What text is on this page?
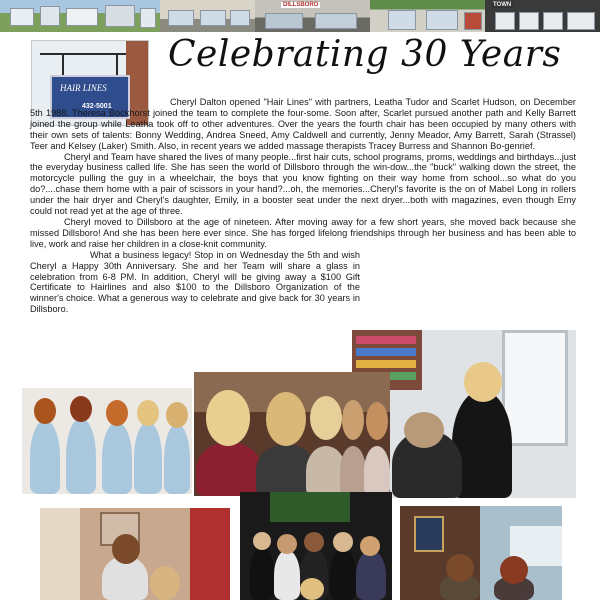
DILLSBORO	TOWN
HAIR LINES
432-5001
Celebrating 30 Years

Cheryl Dalton opened "Hair Lines" with partners, Leatha Tudor and Scarlet Hudson, on December 5th 1988. Theresa Bockhorst joined the team to complete the four-some. Soon after, Scarlet pursued another path and Kelly Barrett joined the group while Leatha took off to other adventures. Over the years the fourth chair has been occupied by many others with their own sets of talents: Bonny Wedding, Andrea Sneed, Amy Caldwell and currently, Jenny Meador, Amy Barrett, Sarah (Strassel) Teer and Kelsey (Laker) Smith. Also, in recent years we added massage therapists Tracey Burress and Shannon Bo-genrief.

Cheryl and Team have shared the lives of many people...first hair cuts, school programs, proms, weddings and birthdays...just the everyday business called life. She has seen the world of Dillsboro through the win-dow...the "buck" walking down the street, the motorcycle pulling the guy in a wheelchair, the boys that you know fighting on their way home from school...so what do you do?....chase them home with a pair of scissors in your hand?...oh, the memories...Cheryl's favorite is the on of Mabel Long in rollers under the hair dryer and Cheryl's daughter, Emily, in a booster seat under the next dryer...both with magazines, even though Emy could not read yet at the age of three.

Cheryl moved to Dillsboro at the age of nineteen. After moving away for a few short years, she moved back because she missed Dillsboro! And she has been here ever since. She has forged lifelong friendships through her business and has been able to live, work and raise her children in a close-knit community.

What a business legacy! Stop in on Wednesday the 5th and wish Cheryl a Happy 30th Anniversary. She and her Team will share a glass in celebration from 6-8 PM. In addition, Cheryl will be giving away a $100 Gift Certificate to Hairlines and also $100 to the Dillsboro Organization of the winner's choice. What a generous way to celebrate and give back for 30 years in Dillsboro.
